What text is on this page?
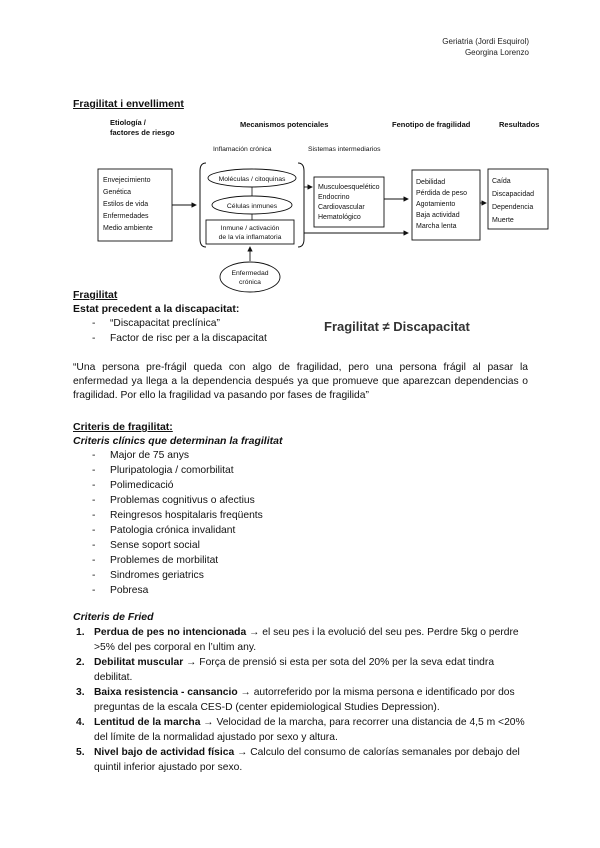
Geriatria (Jordi Esquirol)
Georgina Lorenzo
Fragilitat i envelliment
Etiología /
factores de riesgo
Mecanismos potenciales	Fenotipo de fragilidad	Resultados
Inflamación crónica	Sistemas intermediarios
Envejecimiento
Genética
Estilos de vida
Enfermedades
Medio ambiente
Moléculas / citoquinas
Células inmunes
Inmune / activación
de la vía inflamatoria
Musculoesquelético
Endocrino
Cardiovascular
Hematológico
Debilidad
Pérdida de peso
Agotamiento
Baja actividad
Marcha lenta
Caída
Discapacidad
Dependencia
Muerte
Enfermedad
crónica
Fragilitat
Estat precedent a la discapacitat:
- “Discapacitat preclínica”
- Factor de risc per a la discapacitat
Fragilitat ≠ Discapacitat
“Una persona pre-frágil queda con algo de fragilidad, pero una persona frágil al pasar la enfermedad ya llega a la dependencia después ya que promueve que aparezcan dependencias o fragilidad. Por ello la fragilidad va pasando por fases de fragilida”
Criteris de fragilitat:
Criteris clínics que determinan la fragilitat
- Major de 75 anys
- Pluripatologia / comorbilitat
- Polimedicació
- Problemas cognitivus o afectius
- Reingresos hospitalaris freqüents
- Patologia crónica invalidant
- Sense soport social
- Problemes de morbilitat
- Sindromes geriatrics
- Pobresa
Criteris de Fried
1. Perdua de pes no intencionada → el seu pes i la evolució del seu pes. Perdre 5kg o perdre >5% del pes corporal en l’ultim any.
2. Debilitat muscular → Força de prensió si esta per sota del 20% per la seva edat tindra debilitat.
3. Baixa resistencia - cansancio → autorreferido por la misma persona e identificado por dos preguntas de la escala CES-D (center epidemiological Studies Depression).
4. Lentitud de la marcha → Velocidad de la marcha, para recorrer una distancia de 4,5 m <20% del límite de la normalidad ajustado por sexo y altura.
5. Nivel bajo de actividad física → Calculo del consumo de calorías semanales por debajo del quintil inferior ajustado por sexo.
